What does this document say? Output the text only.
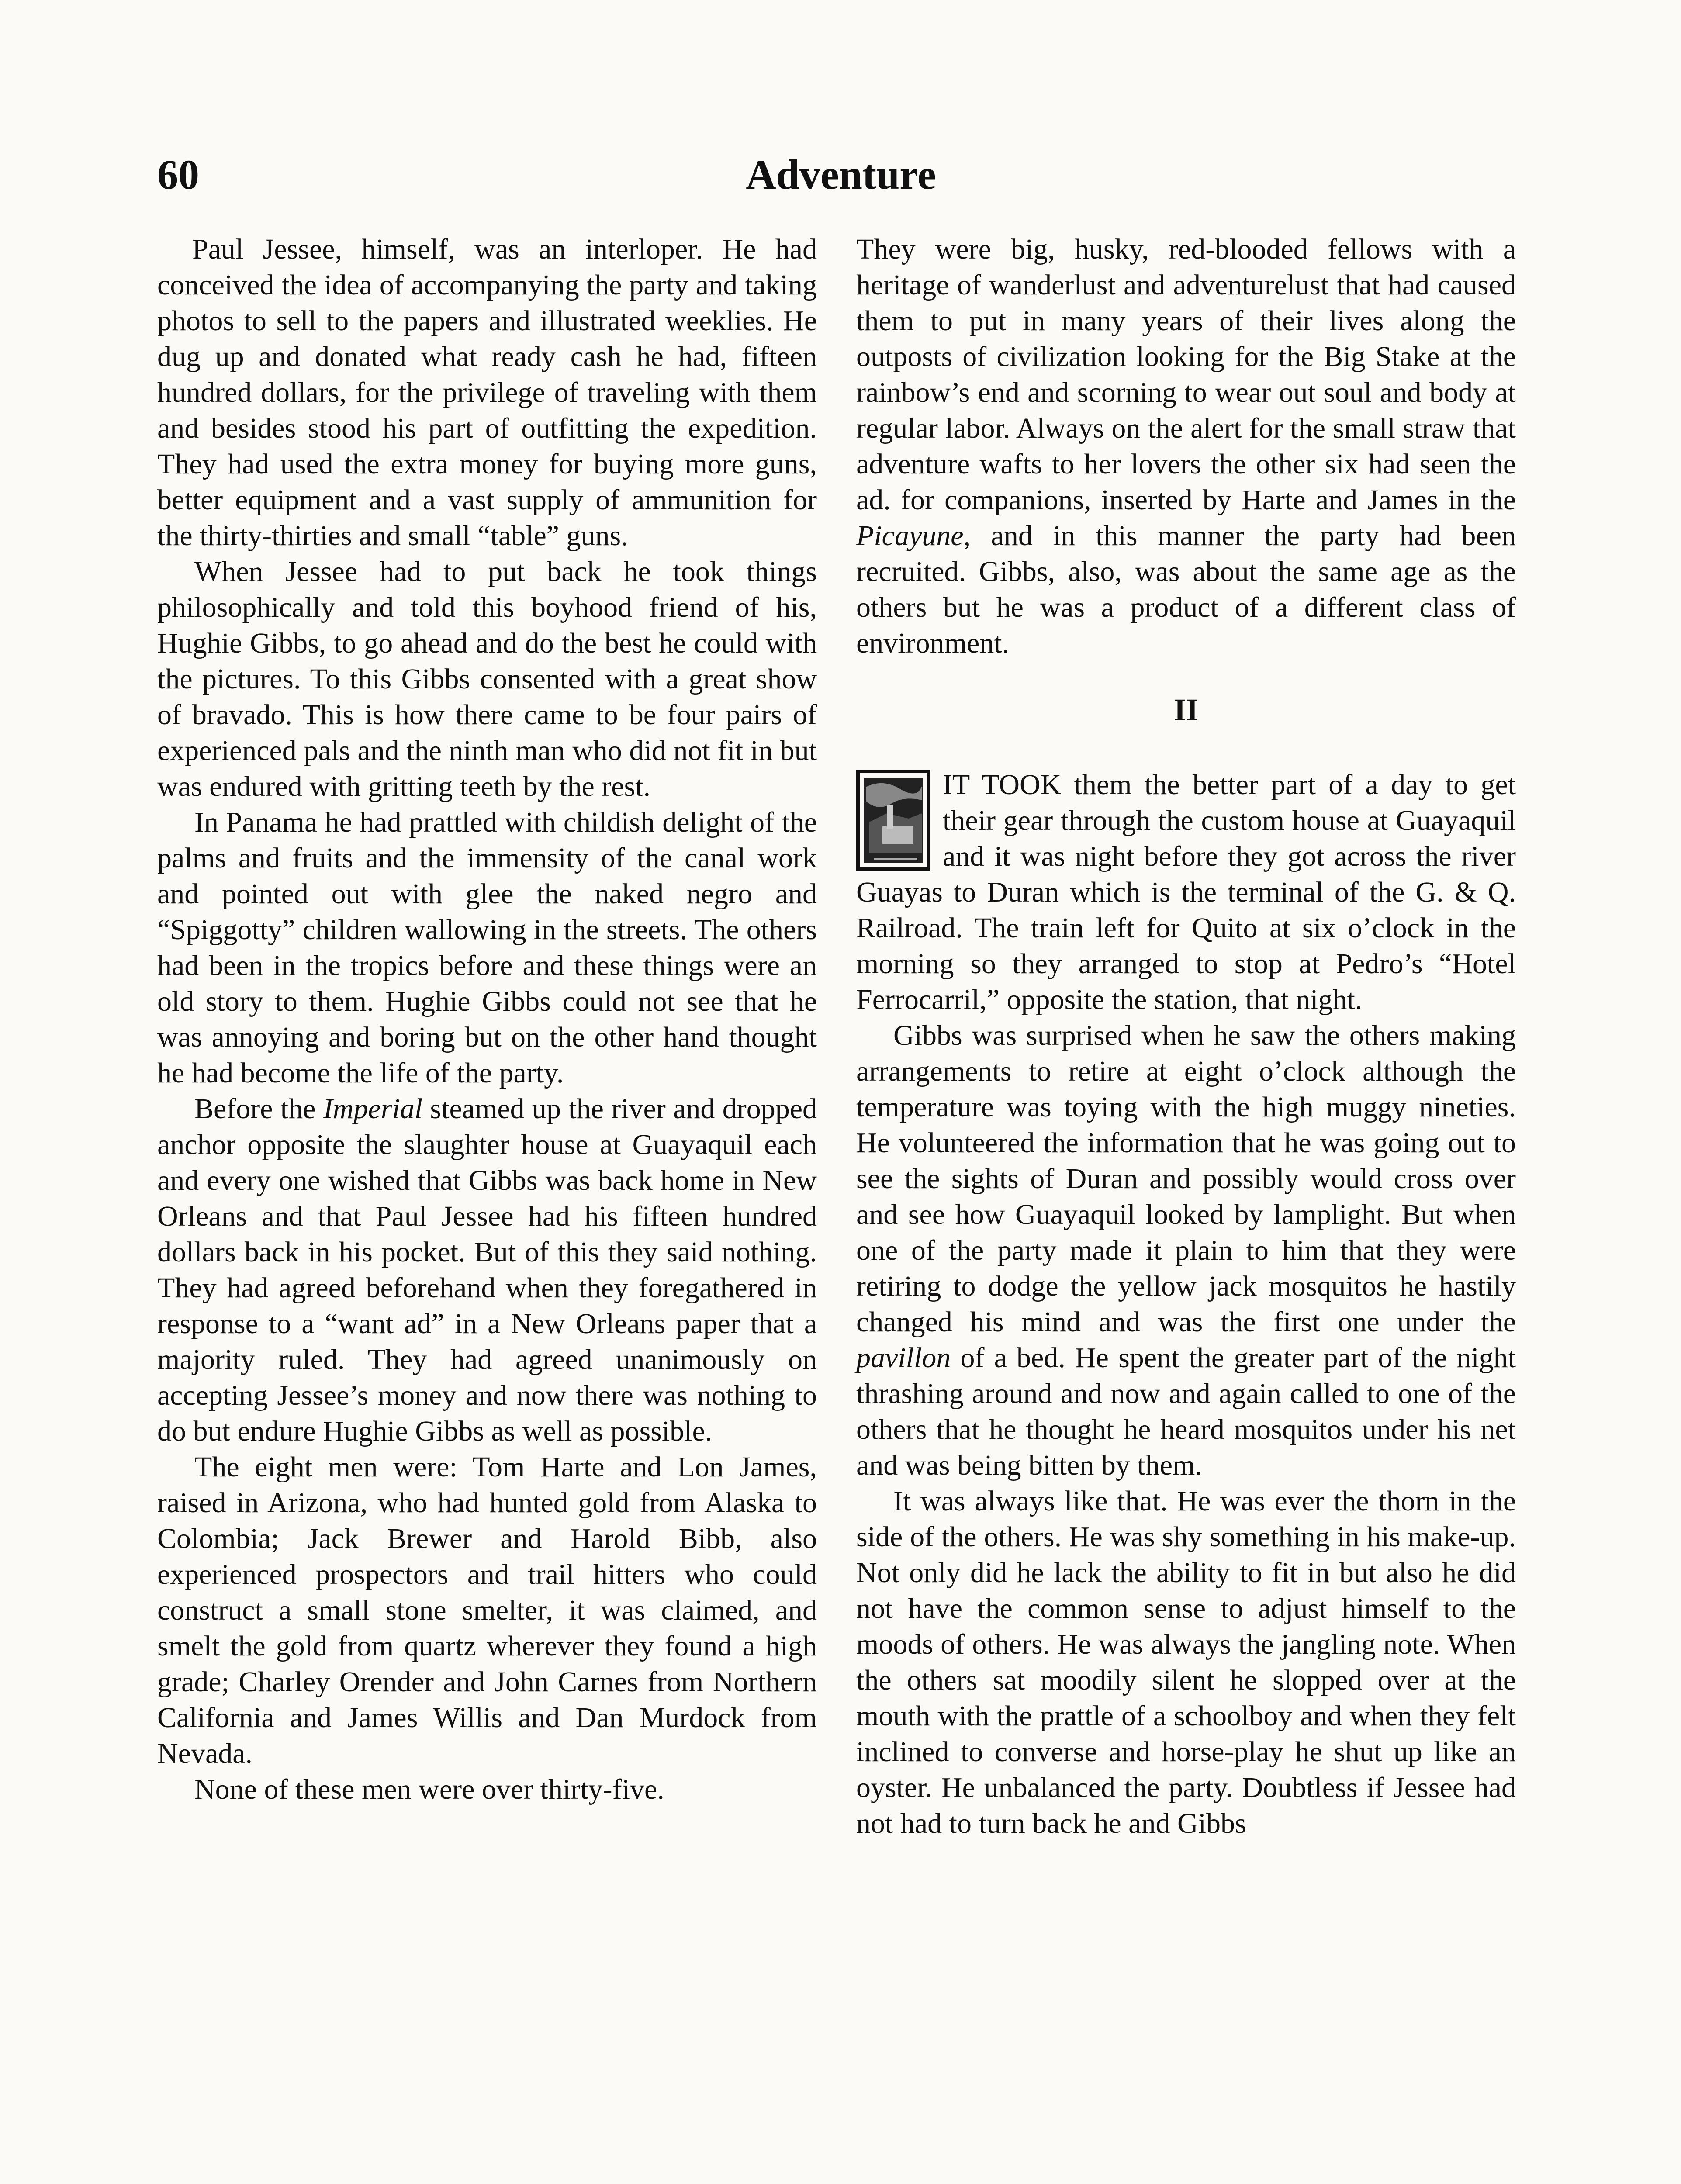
60	Adventure

Paul Jessee, himself, was an interloper. He had conceived the idea of accompanying the party and taking photos to sell to the papers and illustrated weeklies. He dug up and donated what ready cash he had, fifteen hundred dollars, for the privilege of traveling with them and besides stood his part of outfitting the expedition. They had used the extra money for buying more guns, better equipment and a vast supply of ammunition for the thirty-thirties and small “table” guns.

When Jessee had to put back he took things philosophically and told this boyhood friend of his, Hughie Gibbs, to go ahead and do the best he could with the pictures. To this Gibbs consented with a great show of bravado. This is how there came to be four pairs of experienced pals and the ninth man who did not fit in but was endured with gritting teeth by the rest.

In Panama he had prattled with childish delight of the palms and fruits and the immensity of the canal work and pointed out with glee the naked negro and “Spiggotty” children wallowing in the streets. The others had been in the tropics before and these things were an old story to them. Hughie Gibbs could not see that he was annoying and boring but on the other hand thought he had become the life of the party.

Before the Imperial steamed up the river and dropped anchor opposite the slaughter house at Guayaquil each and every one wished that Gibbs was back home in New Orleans and that Paul Jessee had his fifteen hundred dollars back in his pocket. But of this they said nothing. They had agreed beforehand when they foregathered in response to a “want ad” in a New Orleans paper that a majority ruled. They had agreed unanimously on accepting Jessee’s money and now there was nothing to do but endure Hughie Gibbs as well as possible.

The eight men were: Tom Harte and Lon James, raised in Arizona, who had hunted gold from Alaska to Colombia; Jack Brewer and Harold Bibb, also experienced prospectors and trail hitters who could construct a small stone smelter, it was claimed, and smelt the gold from quartz wherever they found a high grade; Charley Orender and John Carnes from Northern California and James Willis and Dan Murdock from Nevada.

None of these men were over thirty-five.

They were big, husky, red-blooded fellows with a heritage of wanderlust and adventurelust that had caused them to put in many years of their lives along the outposts of civilization looking for the Big Stake at the rainbow’s end and scorning to wear out soul and body at regular labor. Always on the alert for the small straw that adventure wafts to her lovers the other six had seen the ad. for companions, inserted by Harte and James in the Picayune, and in this manner the party had been recruited. Gibbs, also, was about the same age as the others but he was a product of a different class of environment.

II

IT TOOK them the better part of a day to get their gear through the custom house at Guayaquil and it was night before they got across the river Guayas to Duran which is the terminal of the G. & Q. Railroad. The train left for Quito at six o’clock in the morning so they arranged to stop at Pedro’s “Hotel Ferrocarril,” opposite the station, that night.

Gibbs was surprised when he saw the others making arrangements to retire at eight o’clock although the temperature was toying with the high muggy nineties. He volunteered the information that he was going out to see the sights of Duran and possibly would cross over and see how Guayaquil looked by lamplight. But when one of the party made it plain to him that they were retiring to dodge the yellow jack mosquitos he hastily changed his mind and was the first one under the pavillon of a bed. He spent the greater part of the night thrashing around and now and again called to one of the others that he thought he heard mosquitos under his net and was being bitten by them.

It was always like that. He was ever the thorn in the side of the others. He was shy something in his make-up. Not only did he lack the ability to fit in but also he did not have the common sense to adjust himself to the moods of others. He was always the jangling note. When the others sat moodily silent he slopped over at the mouth with the prattle of a schoolboy and when they felt inclined to converse and horse-play he shut up like an oyster. He unbalanced the party. Doubtless if Jessee had not had to turn back he and Gibbs
